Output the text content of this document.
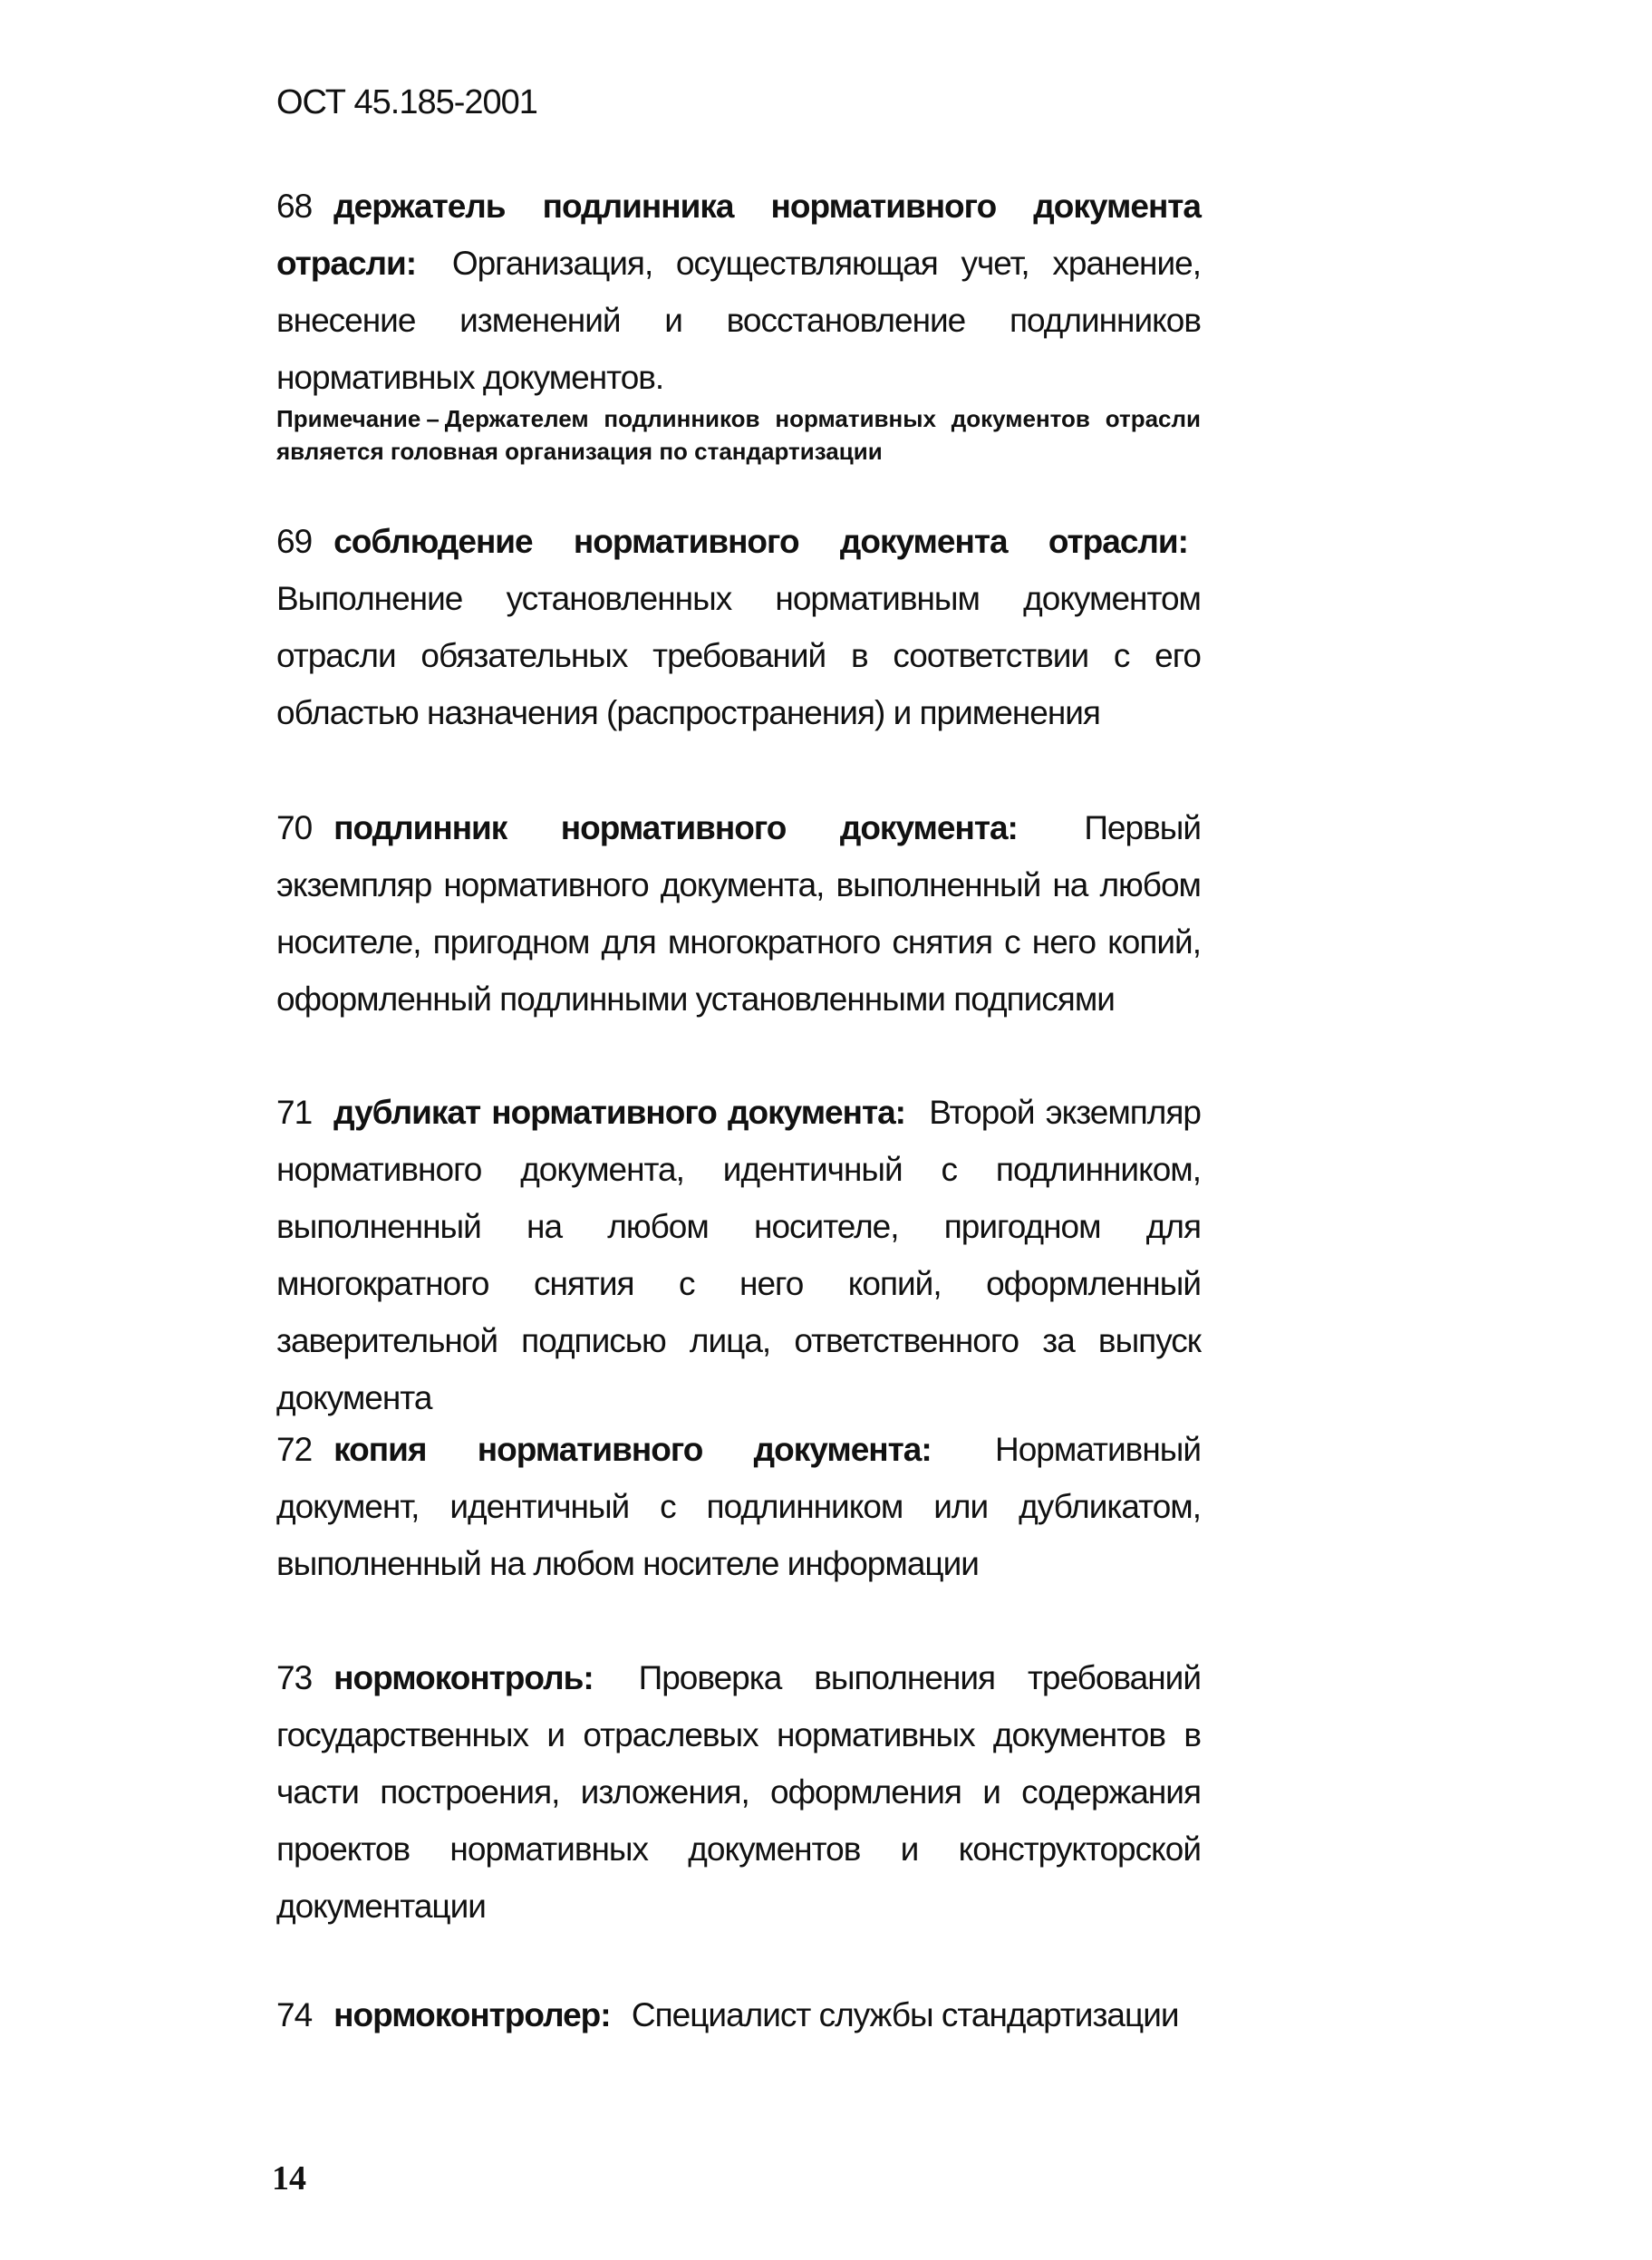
ОСТ 45.185-2001
68 держатель подлинника нормативного документа отрасли: Организация, осуществляющая учет, хранение, внесение изменений и восстановление подлинников нормативных документов.
Примечание – Держателем подлинников нормативных документов отрасли является головная организация по стандартизации
69 соблюдение нормативного документа отрасли: Выполнение установленных нормативным документом отрасли обязательных требований в соответствии с его областью назначения (распространения) и применения
70 подлинник нормативного документа: Первый экземпляр нормативного документа, выполненный на любом носителе, пригодном для многократного снятия с него копий, оформленный подлинными установленными подписями
71 дубликат нормативного документа: Второй экземпляр нормативного документа, идентичный с подлинником, выполненный на любом носителе, пригодном для многократного снятия с него копий, оформленный заверительной подписью лица, ответственного за выпуск документа
72 копия нормативного документа: Нормативный документ, идентичный с подлинником или дубликатом, выполненный на любом носителе информации
73 нормоконтроль: Проверка выполнения требований государственных и отраслевых нормативных документов в части построения, изложения, оформления и содержания проектов нормативных документов и конструкторской документации
74 нормоконтролер: Специалист службы стандартизации
14
